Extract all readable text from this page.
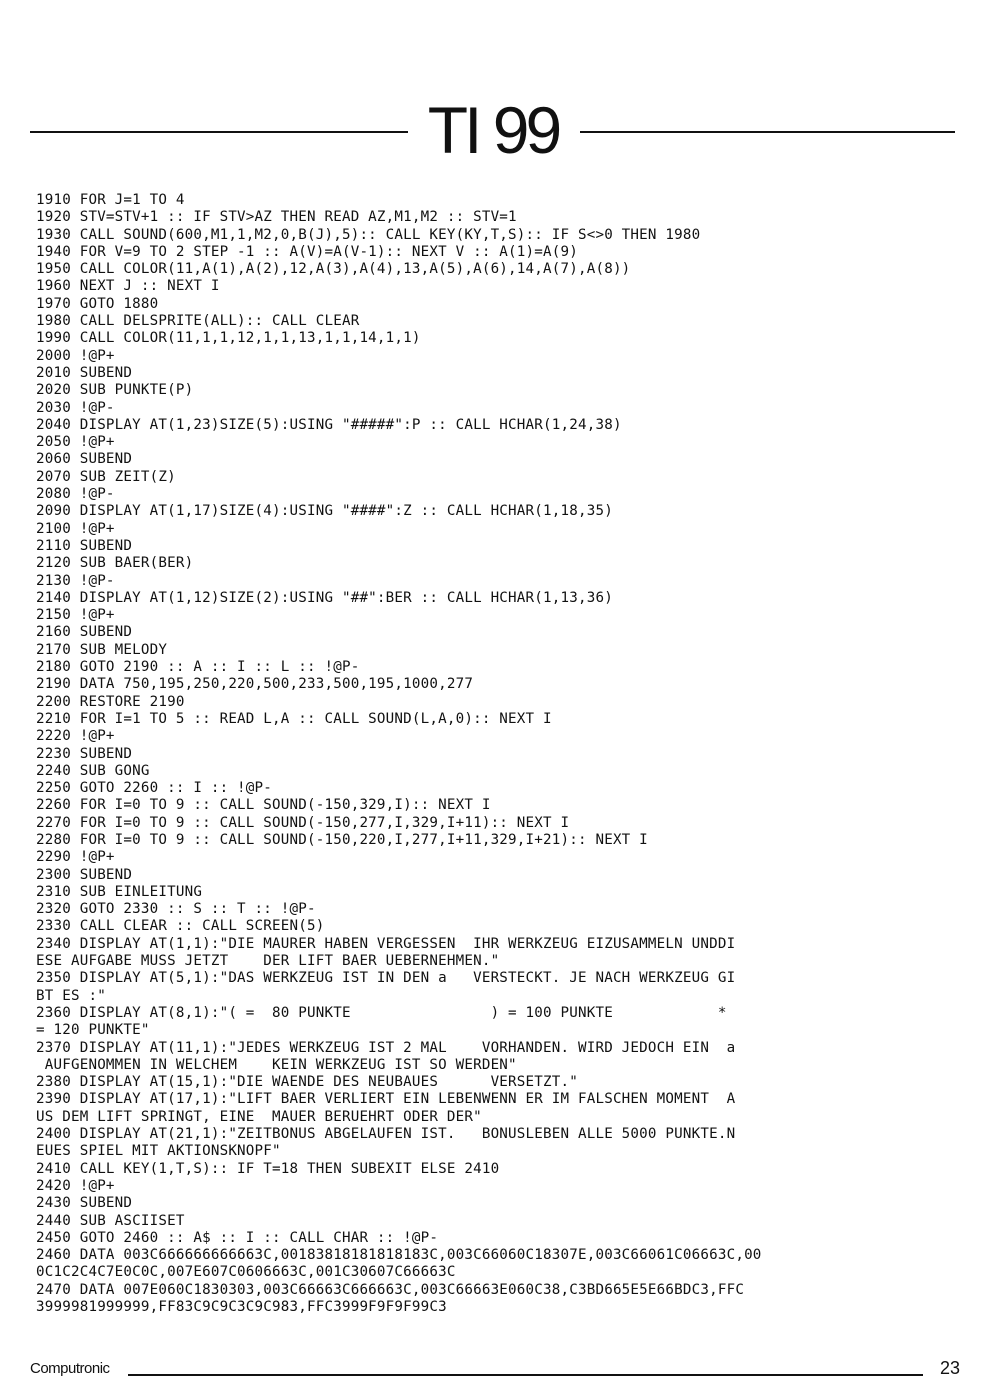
TI 99
1910 FOR J=1 TO 4
1920 STV=STV+1 :: IF STV>AZ THEN READ AZ,M1,M2 :: STV=1
1930 CALL SOUND(600,M1,1,M2,0,B(J),5):: CALL KEY(KY,T,S):: IF S<>0 THEN 1980
1940 FOR V=9 TO 2 STEP -1 :: A(V)=A(V-1):: NEXT V :: A(1)=A(9)
1950 CALL COLOR(11,A(1),A(2),12,A(3),A(4),13,A(5),A(6),14,A(7),A(8))
1960 NEXT J :: NEXT I
1970 GOTO 1880
1980 CALL DELSPRITE(ALL):: CALL CLEAR
1990 CALL COLOR(11,1,1,12,1,1,13,1,1,14,1,1)
2000 !@P+
2010 SUBEND
2020 SUB PUNKTE(P)
2030 !@P-
2040 DISPLAY AT(1,23)SIZE(5):USING "#####":P :: CALL HCHAR(1,24,38)
2050 !@P+
2060 SUBEND
2070 SUB ZEIT(Z)
2080 !@P-
2090 DISPLAY AT(1,17)SIZE(4):USING "####":Z :: CALL HCHAR(1,18,35)
2100 !@P+
2110 SUBEND
2120 SUB BAER(BER)
2130 !@P-
2140 DISPLAY AT(1,12)SIZE(2):USING "##":BER :: CALL HCHAR(1,13,36)
2150 !@P+
2160 SUBEND
2170 SUB MELODY
2180 GOTO 2190 :: A :: I :: L :: !@P-
2190 DATA 750,195,250,220,500,233,500,195,1000,277
2200 RESTORE 2190
2210 FOR I=1 TO 5 :: READ L,A :: CALL SOUND(L,A,0):: NEXT I
2220 !@P+
2230 SUBEND
2240 SUB GONG
2250 GOTO 2260 :: I :: !@P-
2260 FOR I=0 TO 9 :: CALL SOUND(-150,329,I):: NEXT I
2270 FOR I=0 TO 9 :: CALL SOUND(-150,277,I,329,I+11):: NEXT I
2280 FOR I=0 TO 9 :: CALL SOUND(-150,220,I,277,I+11,329,I+21):: NEXT I
2290 !@P+
2300 SUBEND
2310 SUB EINLEITUNG
2320 GOTO 2330 :: S :: T :: !@P-
2330 CALL CLEAR :: CALL SCREEN(5)
2340 DISPLAY AT(1,1):"DIE MAURER HABEN VERGESSEN  IHR WERKZEUG EIZUSAMMELN UNDDI
ESE AUFGABE MUSS JETZT    DER LIFT BAER UEBERNEHMEN."
2350 DISPLAY AT(5,1):"DAS WERKZEUG IST IN DEN a   VERSTECKT. JE NACH WERKZEUG GI
BT ES :"
2360 DISPLAY AT(8,1):"( =  80 PUNKTE                ) = 100 PUNKTE            *
= 120 PUNKTE"
2370 DISPLAY AT(11,1):"JEDES WERKZEUG IST 2 MAL    VORHANDEN. WIRD JEDOCH EIN  a
AUFGENOMMEN IN WELCHEM    KEIN WERKZEUG IST SO WERDEN"
2380 DISPLAY AT(15,1):"DIE WAENDE DES NEUBAUES      VERSETZT."
2390 DISPLAY AT(17,1):"LIFT BAER VERLIERT EIN LEBENWENN ER IM FALSCHEN MOMENT  A
US DEM LIFT SPRINGT, EINE  MAUER BERUEHRT ODER DER"
2400 DISPLAY AT(21,1):"ZEITBONUS ABGELAUFEN IST.   BONUSLEBEN ALLE 5000 PUNKTE.N
EUES SPIEL MIT AKTIONSKNOPF"
2410 CALL KEY(1,T,S):: IF T=18 THEN SUBEXIT ELSE 2410
2420 !@P+
2430 SUBEND
2440 SUB ASCIISET
2450 GOTO 2460 :: A$ :: I :: CALL CHAR :: !@P-
2460 DATA 003C666666666663C,00183818181818183C,003C66060C18307E,003C66061C06663C,00
0C1C2C4C7E0C0C,007E607C0606663C,001C30607C66663C
2470 DATA 007E060C1830303,003C66663C666663C,003C66663E060C38,C3BD665E5E66BDC3,FFC
3999981999999,FF83C9C9C3C9C983,FFC3999F9F9F99C3
Computronic	23
